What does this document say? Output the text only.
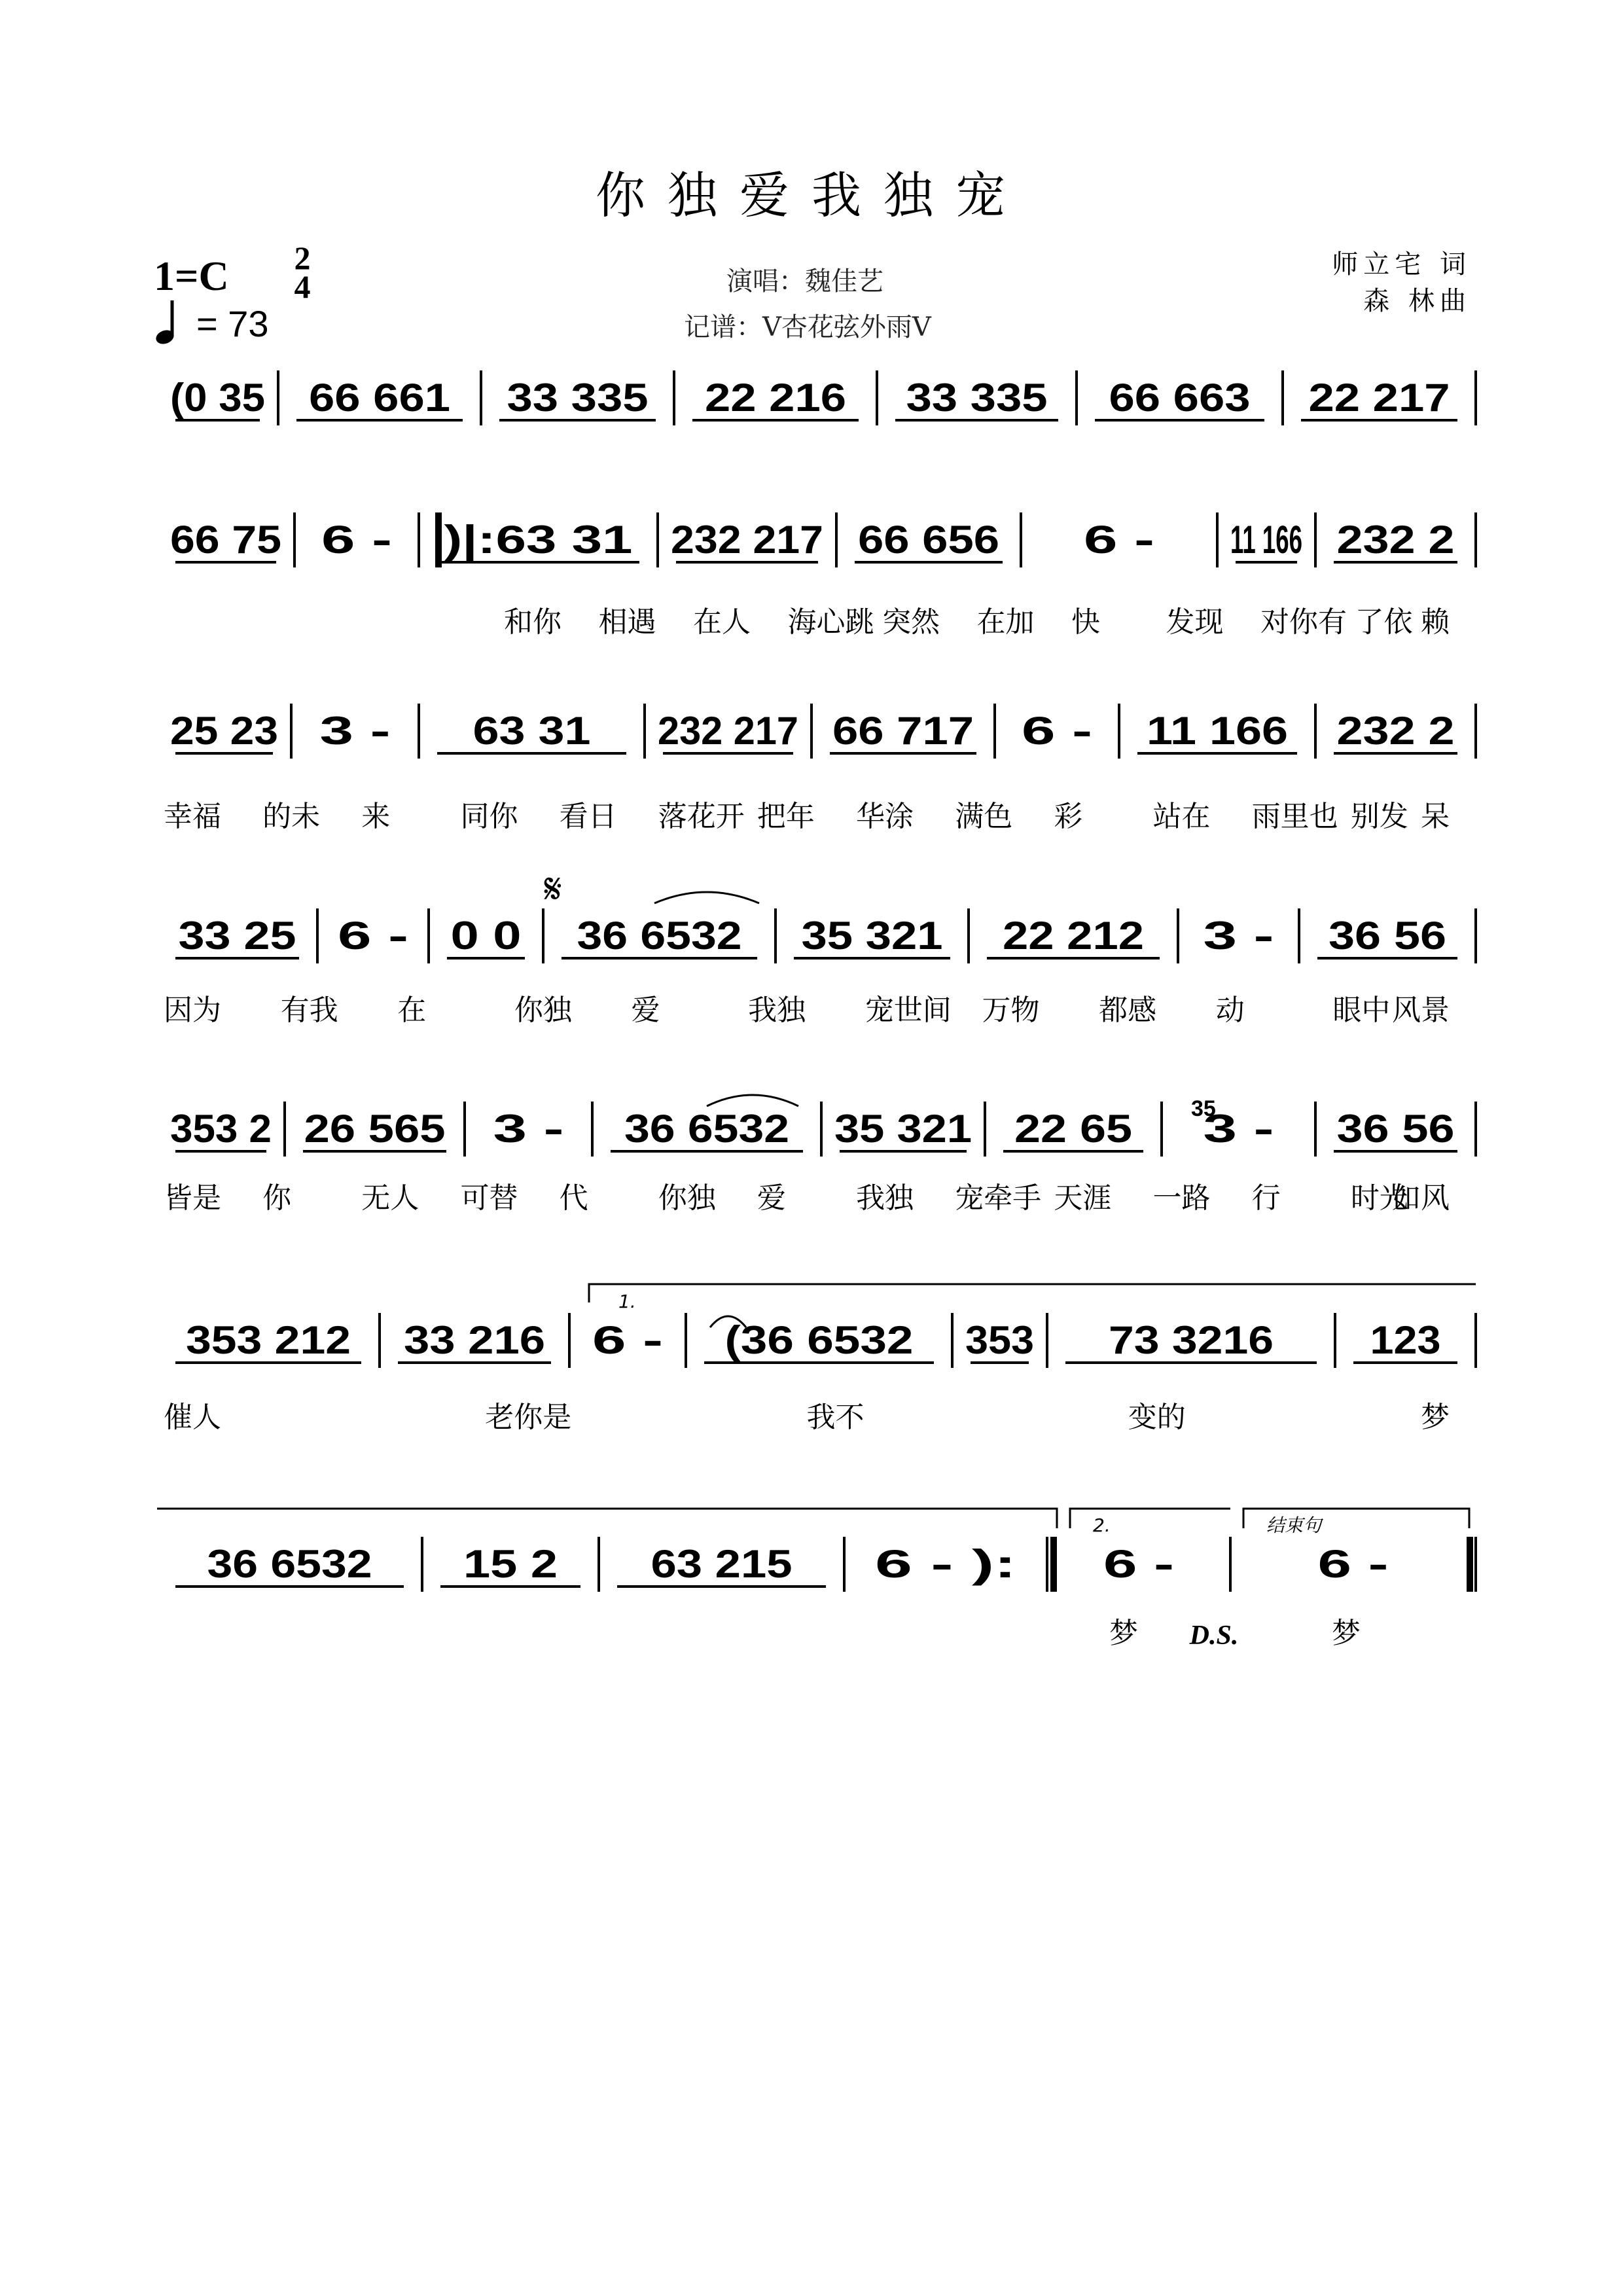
你独爱我独宠
1=C 2
4
= 73
演唱：魏佳艺
记谱：V杏花弦外雨V
师立宅 词
森 林曲
(0 35 66 661 33 335 22 216 33 335 66 663 22 217
66 75 6 - )|:63 31	232 217 66 656 6 - 11 166 232 2
和你 相遇 在人 海心跳 突然 在加 快 发现 对你有 了依 赖
25 23 3 - 63 31 232 217 66 717 6 - 11 166 232 2
幸福 的未 来 同你 看日 落花开 把年 华涂 满色 彩 站在 雨里也 别发 呆
33 25 6 - 0 0 36 6532 35 321 22 212 3 - 36 56
因为 有我 在	你独 爱	我独 宠世间 万物 都感 动	眼中 风景
353 2 26 565 3 - 36 6532 35 321 22 65 3 - 36 56
皆是 你 无人 可替 代 你独 爱 我独 宠牵手 天涯 一路 行 时光
如风
353 212 33 216 6 - (36 6532 353 73 3216 123
催人	老你是	我不	变的	梦
36 6532 15 2 63 215 6 - ): 6 -	6 -
梦	梦
1.
2.	结束句
𝄋
D.S.
35
